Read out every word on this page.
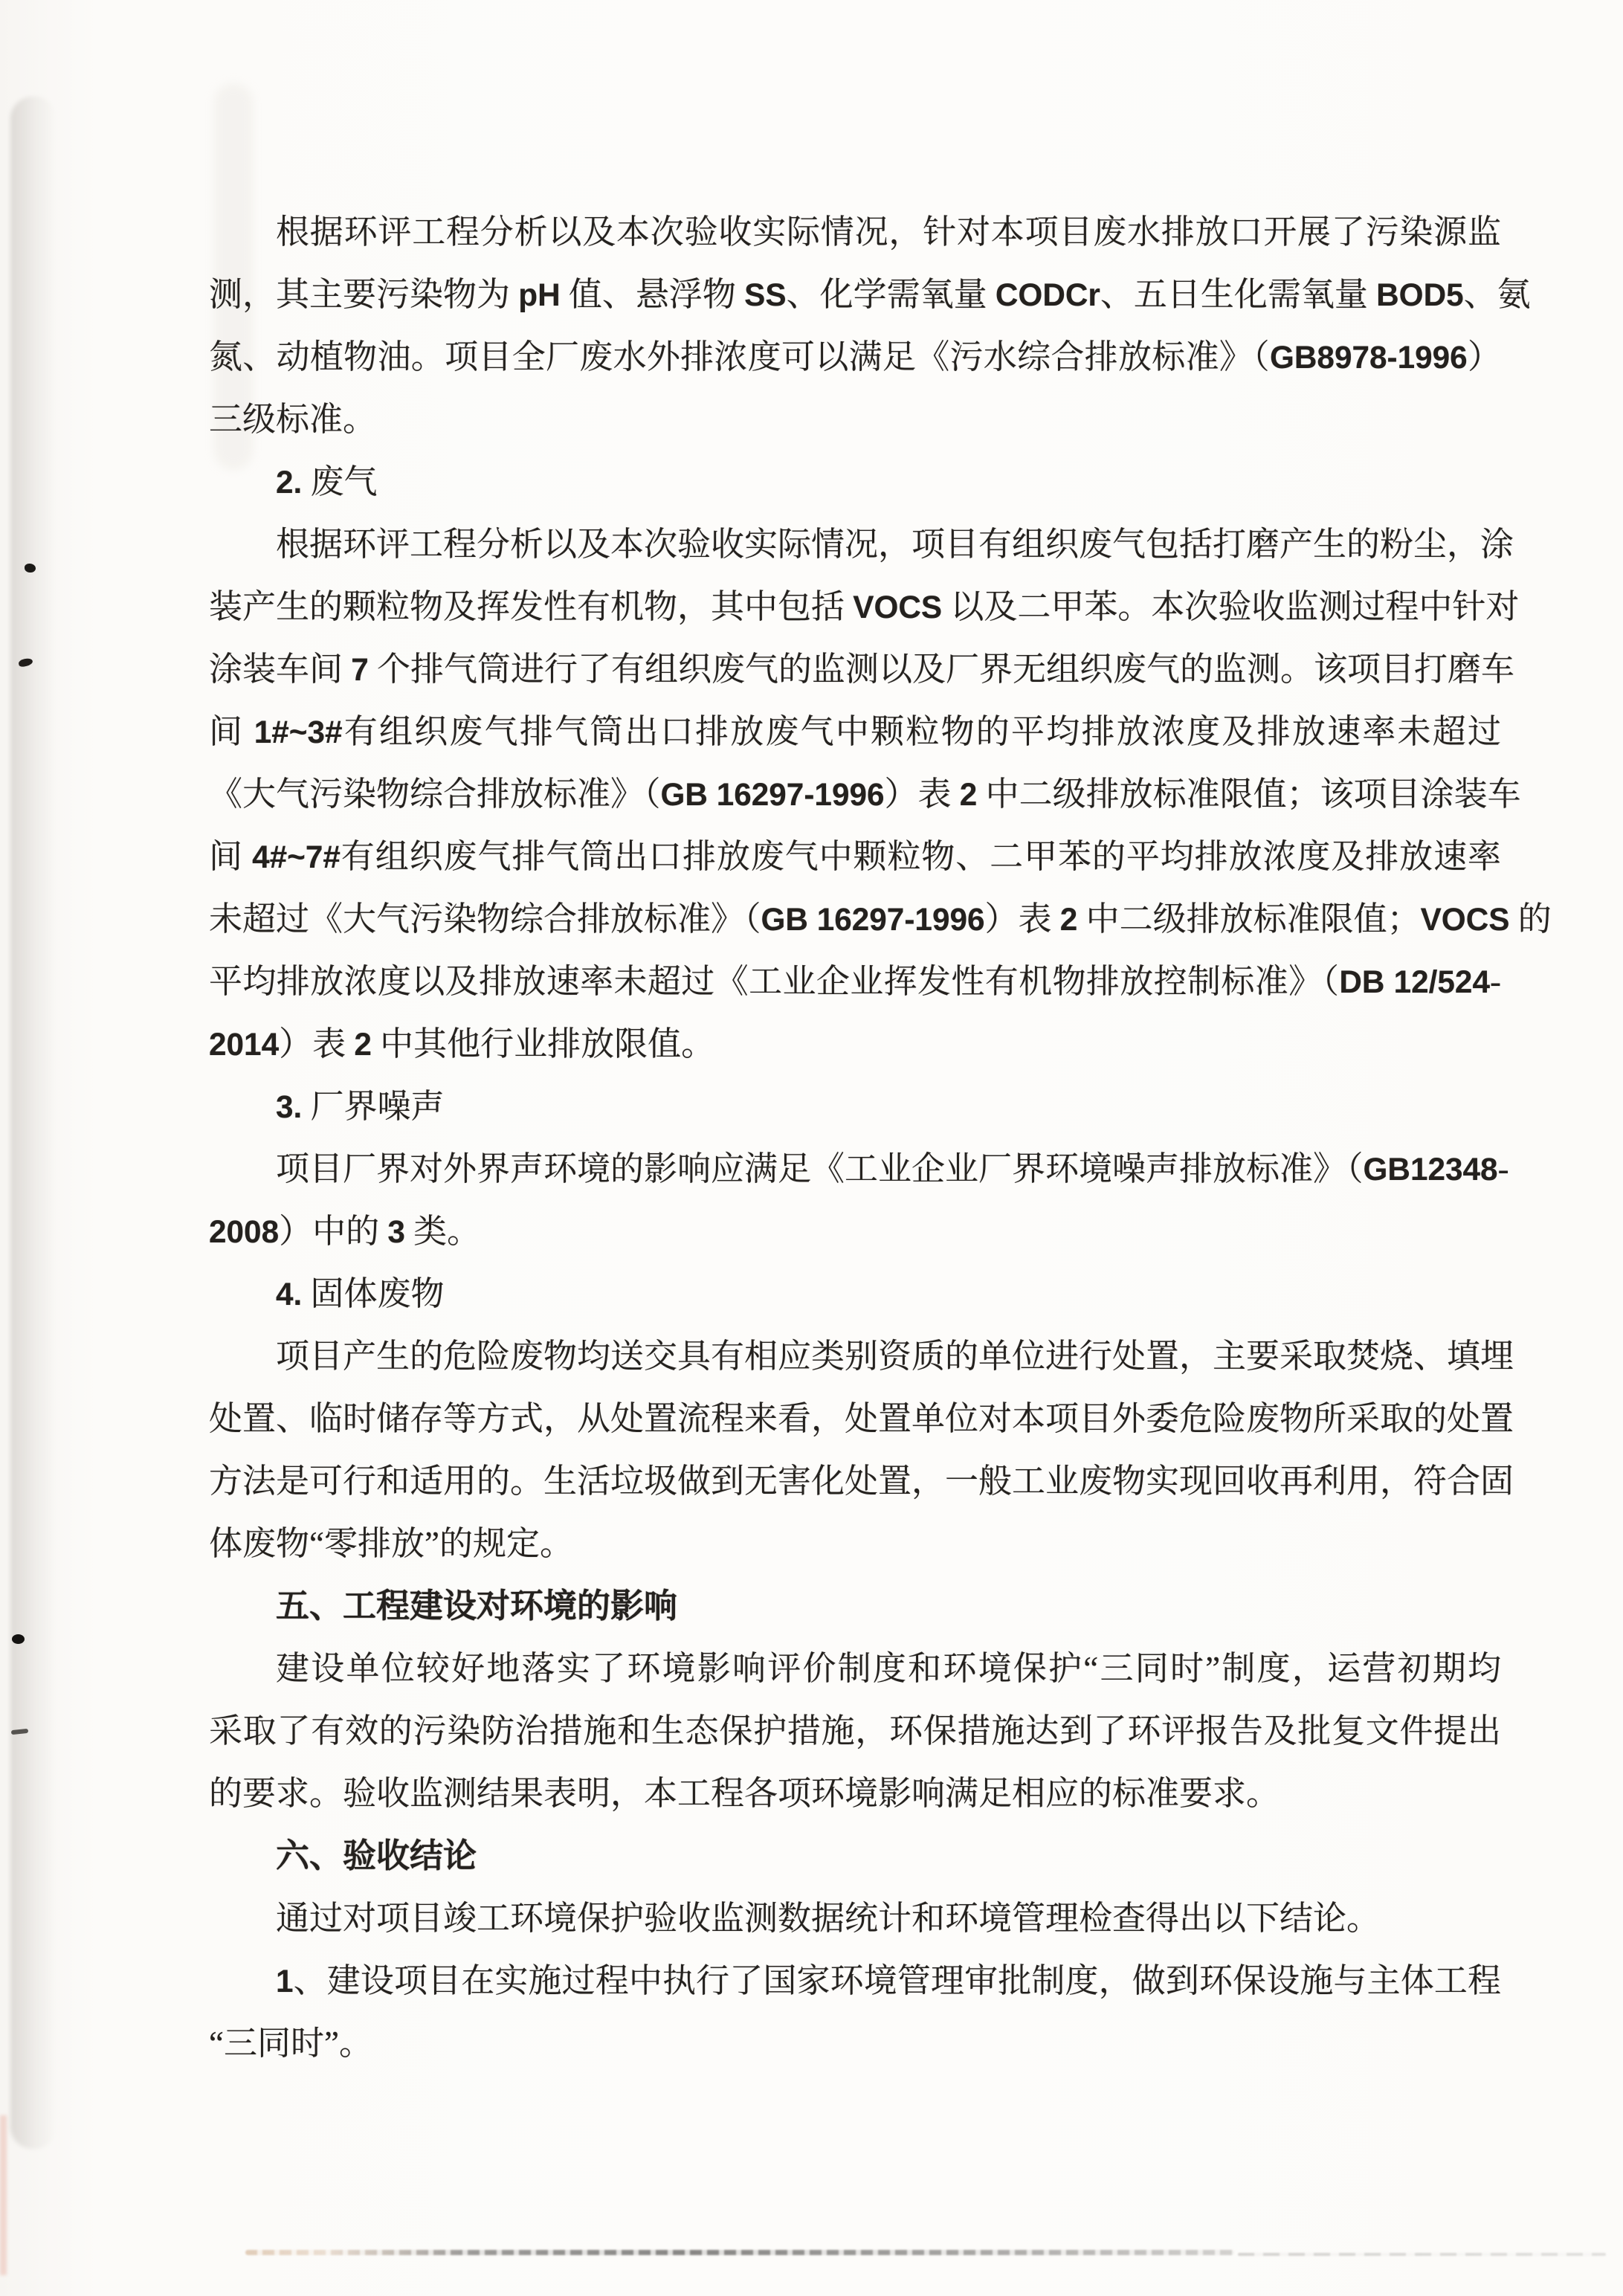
根据环评工程分析以及本次验收实际情况，针对本项目废水排放口开展了污染源监
测，其主要污染物为 pH 值、悬浮物 SS、化学需氧量 CODCr、五日生化需氧量 BOD5、氨
氮、动植物油。项目全厂废水外排浓度可以满足《污水综合排放标准》（GB8978-1996）
三级标准。
2. 废气
根据环评工程分析以及本次验收实际情况，项目有组织废气包括打磨产生的粉尘，涂
装产生的颗粒物及挥发性有机物，其中包括 VOCS 以及二甲苯。本次验收监测过程中针对
涂装车间 7 个排气筒进行了有组织废气的监测以及厂界无组织废气的监测。该项目打磨车
间 1#~3#有组织废气排气筒出口排放废气中颗粒物的平均排放浓度及排放速率未超过
《大气污染物综合排放标准》（GB 16297-1996）表 2 中二级排放标准限值；该项目涂装车
间 4#~7#有组织废气排气筒出口排放废气中颗粒物、二甲苯的平均排放浓度及排放速率
未超过《大气污染物综合排放标准》（GB 16297-1996）表 2 中二级排放标准限值；VOCS 的
平均排放浓度以及排放速率未超过《工业企业挥发性有机物排放控制标准》（DB 12/524-
2014）表 2 中其他行业排放限值。
3. 厂界噪声
项目厂界对外界声环境的影响应满足《工业企业厂界环境噪声排放标准》（GB12348-
2008）中的 3 类。
4. 固体废物
项目产生的危险废物均送交具有相应类别资质的单位进行处置，主要采取焚烧、填埋
处置、临时储存等方式，从处置流程来看，处置单位对本项目外委危险废物所采取的处置
方法是可行和适用的。生活垃圾做到无害化处置，一般工业废物实现回收再利用，符合固
体废物“零排放”的规定。
五、工程建设对环境的影响
建设单位较好地落实了环境影响评价制度和环境保护“三同时”制度，运营初期均
采取了有效的污染防治措施和生态保护措施，环保措施达到了环评报告及批复文件提出
的要求。验收监测结果表明，本工程各项环境影响满足相应的标准要求。
六、验收结论
通过对项目竣工环境保护验收监测数据统计和环境管理检查得出以下结论。
1、建设项目在实施过程中执行了国家环境管理审批制度，做到环保设施与主体工程
“三同时”。
